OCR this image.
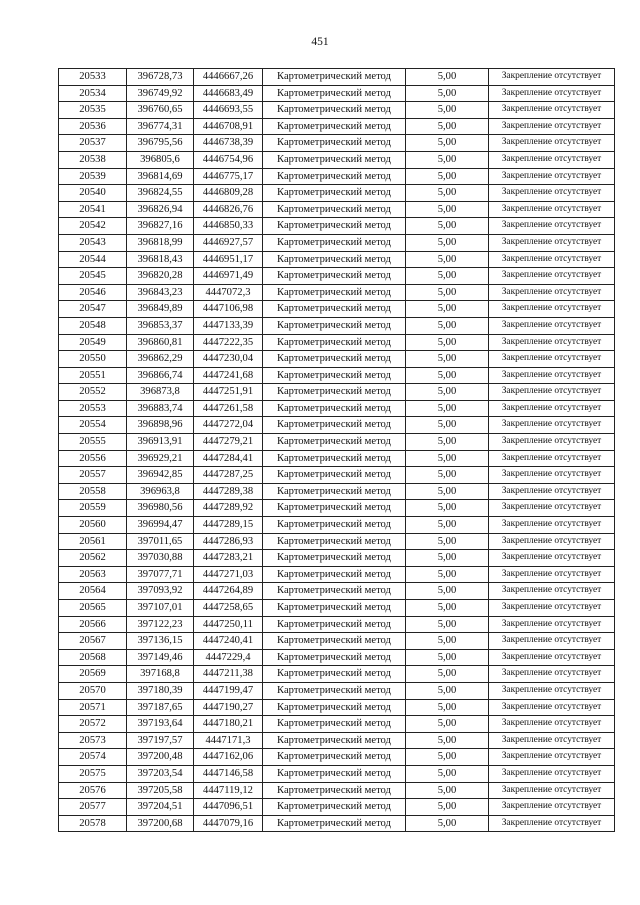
451
20533	396728,73	4446667,26	Картометрический метод	5,00	Закрепление отсутствует
20534	396749,92	4446683,49	Картометрический метод	5,00	Закрепление отсутствует
20535	396760,65	4446693,55	Картометрический метод	5,00	Закрепление отсутствует
20536	396774,31	4446708,91	Картометрический метод	5,00	Закрепление отсутствует
20537	396795,56	4446738,39	Картометрический метод	5,00	Закрепление отсутствует
20538	396805,6	4446754,96	Картометрический метод	5,00	Закрепление отсутствует
20539	396814,69	4446775,17	Картометрический метод	5,00	Закрепление отсутствует
20540	396824,55	4446809,28	Картометрический метод	5,00	Закрепление отсутствует
20541	396826,94	4446826,76	Картометрический метод	5,00	Закрепление отсутствует
20542	396827,16	4446850,33	Картометрический метод	5,00	Закрепление отсутствует
20543	396818,99	4446927,57	Картометрический метод	5,00	Закрепление отсутствует
20544	396818,43	4446951,17	Картометрический метод	5,00	Закрепление отсутствует
20545	396820,28	4446971,49	Картометрический метод	5,00	Закрепление отсутствует
20546	396843,23	4447072,3	Картометрический метод	5,00	Закрепление отсутствует
20547	396849,89	4447106,98	Картометрический метод	5,00	Закрепление отсутствует
20548	396853,37	4447133,39	Картометрический метод	5,00	Закрепление отсутствует
20549	396860,81	4447222,35	Картометрический метод	5,00	Закрепление отсутствует
20550	396862,29	4447230,04	Картометрический метод	5,00	Закрепление отсутствует
20551	396866,74	4447241,68	Картометрический метод	5,00	Закрепление отсутствует
20552	396873,8	4447251,91	Картометрический метод	5,00	Закрепление отсутствует
20553	396883,74	4447261,58	Картометрический метод	5,00	Закрепление отсутствует
20554	396898,96	4447272,04	Картометрический метод	5,00	Закрепление отсутствует
20555	396913,91	4447279,21	Картометрический метод	5,00	Закрепление отсутствует
20556	396929,21	4447284,41	Картометрический метод	5,00	Закрепление отсутствует
20557	396942,85	4447287,25	Картометрический метод	5,00	Закрепление отсутствует
20558	396963,8	4447289,38	Картометрический метод	5,00	Закрепление отсутствует
20559	396980,56	4447289,92	Картометрический метод	5,00	Закрепление отсутствует
20560	396994,47	4447289,15	Картометрический метод	5,00	Закрепление отсутствует
20561	397011,65	4447286,93	Картометрический метод	5,00	Закрепление отсутствует
20562	397030,88	4447283,21	Картометрический метод	5,00	Закрепление отсутствует
20563	397077,71	4447271,03	Картометрический метод	5,00	Закрепление отсутствует
20564	397093,92	4447264,89	Картометрический метод	5,00	Закрепление отсутствует
20565	397107,01	4447258,65	Картометрический метод	5,00	Закрепление отсутствует
20566	397122,23	4447250,11	Картометрический метод	5,00	Закрепление отсутствует
20567	397136,15	4447240,41	Картометрический метод	5,00	Закрепление отсутствует
20568	397149,46	4447229,4	Картометрический метод	5,00	Закрепление отсутствует
20569	397168,8	4447211,38	Картометрический метод	5,00	Закрепление отсутствует
20570	397180,39	4447199,47	Картометрический метод	5,00	Закрепление отсутствует
20571	397187,65	4447190,27	Картометрический метод	5,00	Закрепление отсутствует
20572	397193,64	4447180,21	Картометрический метод	5,00	Закрепление отсутствует
20573	397197,57	4447171,3	Картометрический метод	5,00	Закрепление отсутствует
20574	397200,48	4447162,06	Картометрический метод	5,00	Закрепление отсутствует
20575	397203,54	4447146,58	Картометрический метод	5,00	Закрепление отсутствует
20576	397205,58	4447119,12	Картометрический метод	5,00	Закрепление отсутствует
20577	397204,51	4447096,51	Картометрический метод	5,00	Закрепление отсутствует
20578	397200,68	4447079,16	Картометрический метод	5,00	Закрепление отсутствует
